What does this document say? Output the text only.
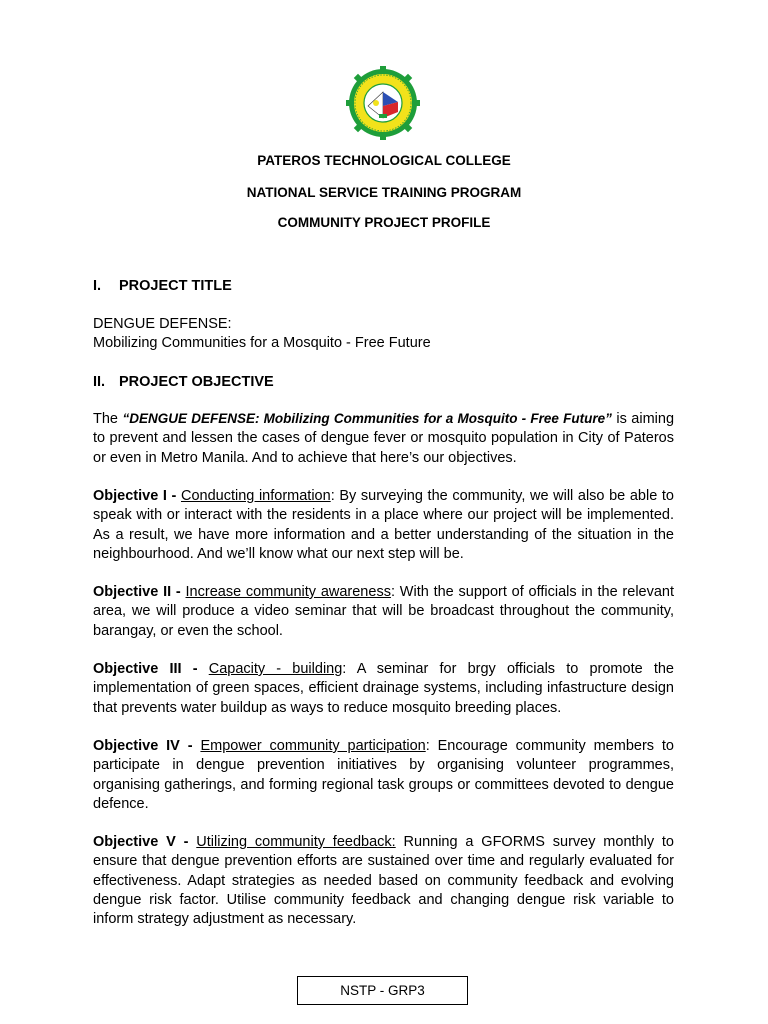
PATEROS TECHNOLOGICAL COLLEGE
NATIONAL SERVICE TRAINING PROGRAM
COMMUNITY PROJECT PROFILE
I. PROJECT TITLE
DENGUE DEFENSE:
Mobilizing Communities for a Mosquito - Free Future
II. PROJECT OBJECTIVE
The “DENGUE DEFENSE: Mobilizing Communities for a Mosquito - Free Future” is aiming to prevent and lessen the cases of dengue fever or mosquito population in City of Pateros or even in Metro Manila. And to achieve that here’s our objectives.
Objective I - Conducting information: By surveying the community, we will also be able to speak with or interact with the residents in a place where our project will be implemented. As a result, we have more information and a better understanding of the situation in the neighbourhood. And we’ll know what our next step will be.
Objective II - Increase community awareness: With the support of officials in the relevant area, we will produce a video seminar that will be broadcast throughout the community, barangay, or even the school.
Objective III - Capacity - building: A seminar for brgy officials to promote the implementation of green spaces, efficient drainage systems, including infastructure design that prevents water buildup as ways to reduce mosquito breeding places.
Objective IV - Empower community participation: Encourage community members to participate in dengue prevention initiatives by organising volunteer programmes, organising gatherings, and forming regional task groups or committees devoted to dengue defence.
Objective V - Utilizing community feedback: Running a GFORMS survey monthly to ensure that dengue prevention efforts are sustained over time and regularly evaluated for effectiveness. Adapt strategies as needed based on community feedback and evolving dengue risk factor. Utilise community feedback and changing dengue risk variable to inform strategy adjustment as necessary.
NSTP - GRP3
